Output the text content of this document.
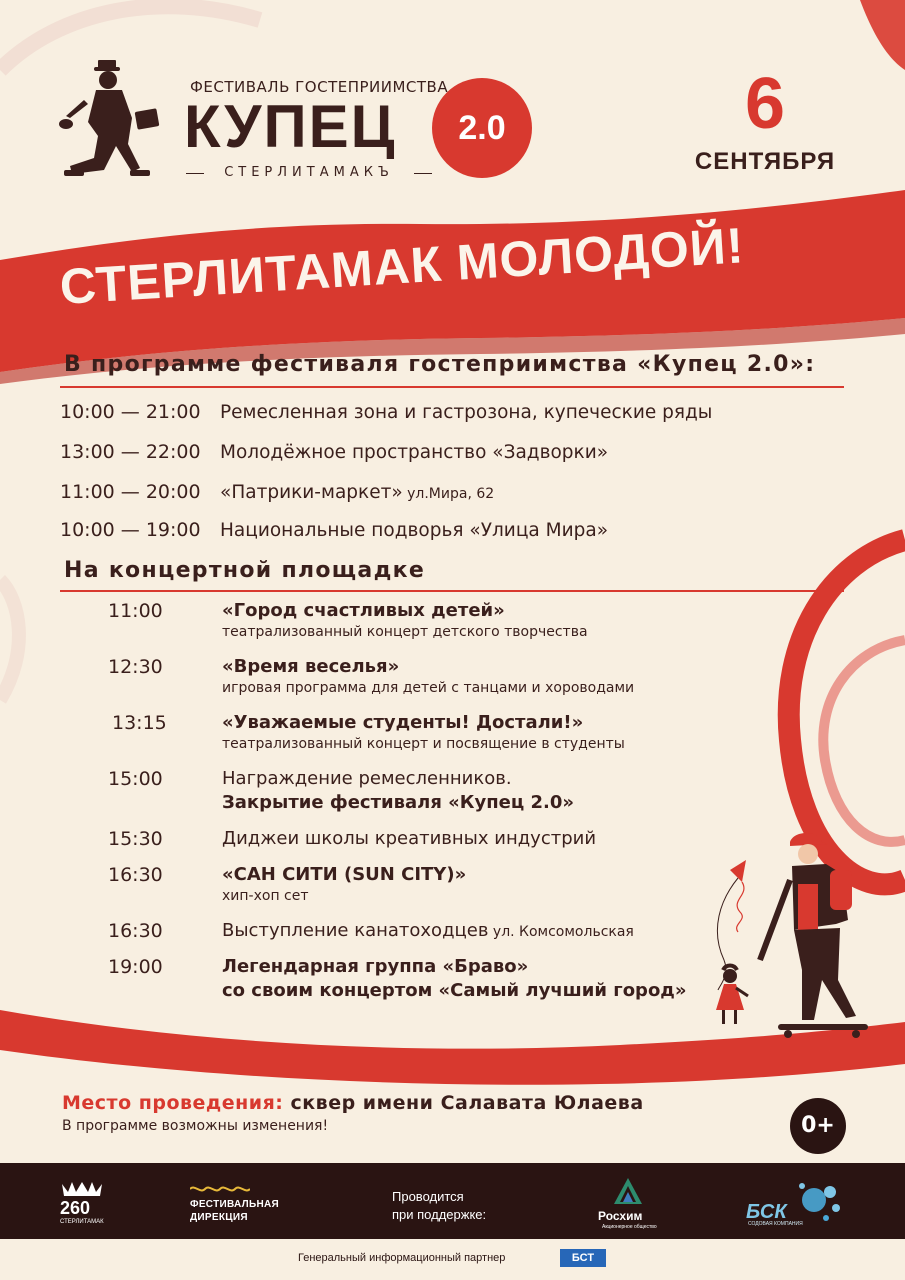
ФЕСТИВАЛЬ ГОСТЕПРИИМСТВА
КУПЕЦ	2.0
СТЕРЛИТАМАКЪ
6
СЕНТЯБРЯ
СТЕРЛИТАМАК МОЛОДОЙ!
В программе фестиваля гостеприимства «Купец 2.0»:
10:00 — 21:00 Ремесленная зона и гастрозона, купеческие ряды
13:00 — 22:00 Молодёжное пространство «Задворки»
11:00 — 20:00 «Патрики-маркет» ул.Мира, 62
10:00 — 19:00 Национальные подворья «Улица Мира»
На концертной площадке
11:00	«Город счастливых детей»
театрализованный концерт детского творчества
12:30	«Время веселья»
игровая программа для детей с танцами и хороводами
13:15	«Уважаемые студенты! Достали!»
театрализованный концерт и посвящение в студенты
15:00	Награждение ремесленников.
Закрытие фестиваля «Купец 2.0»
15:30	Диджеи школы креативных индустрий
16:30	«САН СИТИ (SUN CITY)»
хип-хоп сет
16:30	Выступление канатоходцев ул. Комсомольская
19:00	Легендарная группа «Браво»
со своим концертом «Самый лучший город»
Место проведения: сквер имени Салавата Юлаева
В программе возможны изменения!	0+
260
СТЕРЛИТАМАК
ФЕСТИВАЛЬНАЯ
ДИРЕКЦИЯ
Проводится
при поддержке:	Росхим
Акционерное общество
БСК
СОДОВАЯ КОМПАНИЯ
Генеральный информационный партнер	БСТ
